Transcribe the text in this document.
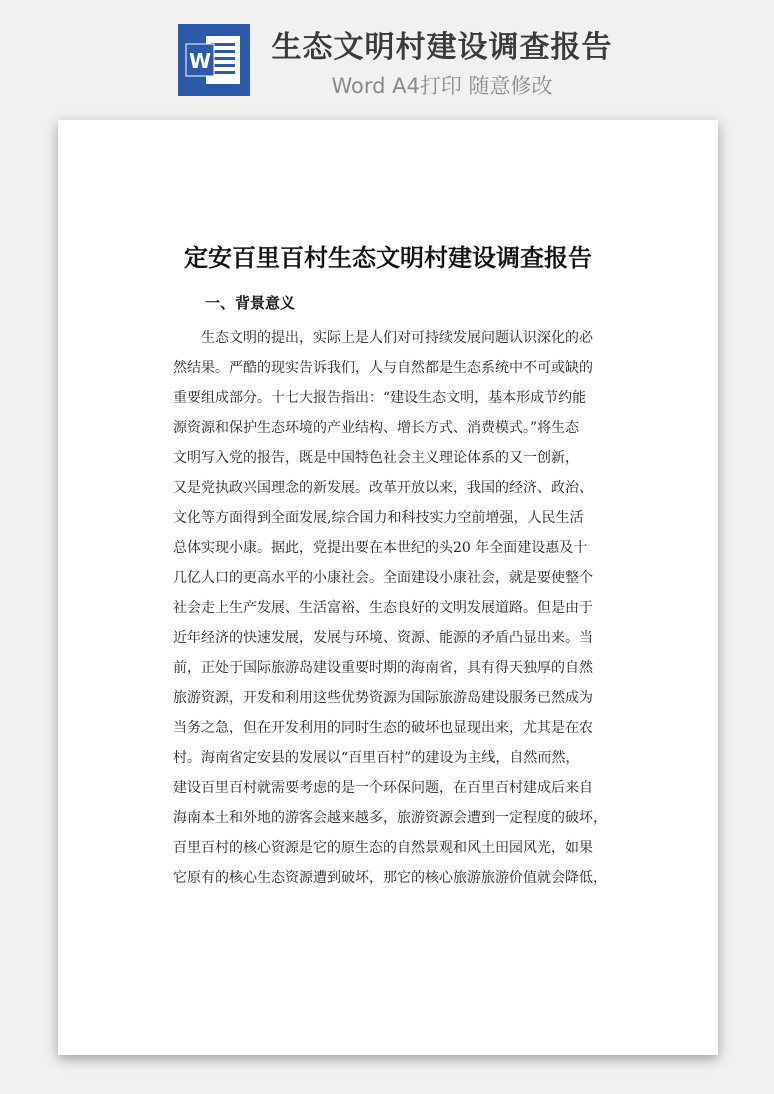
W	生态文明村建设调查报告
Word A4打印 随意修改
定安百里百村生态文明村建设调查报告
一、背景意义
生态文明的提出，实际上是人们对可持续发展问题认识深化的必
然结果。严酷的现实告诉我们，人与自然都是生态系统中不可或缺的
重要组成部分。十七大报告指出：“建设生态文明，基本形成节约能
源资源和保护生态环境的产业结构、增长方式、消费模式。”将生态
文明写入党的报告，既是中国特色社会主义理论体系的又一创新，
又是党执政兴国理念的新发展。改革开放以来，我国的经济、政治、
文化等方面得到全面发展,综合国力和科技实力空前增强，人民生活
总体实现小康。据此，党提出要在本世纪的头20 年全面建设惠及十
几亿人口的更高水平的小康社会。全面建设小康社会，就是要使整个
社会走上生产发展、生活富裕、生态良好的文明发展道路。但是由于
近年经济的快速发展，发展与环境、资源、能源的矛盾凸显出来。当
前，正处于国际旅游岛建设重要时期的海南省，具有得天独厚的自然
旅游资源，开发和利用这些优势资源为国际旅游岛建设服务已然成为
当务之急，但在开发利用的同时生态的破坏也显现出来，尤其是在农
村。海南省定安县的发展以“百里百村”的建设为主线，自然而然，
建设百里百村就需要考虑的是一个环保问题，在百里百村建成后来自
海南本土和外地的游客会越来越多，旅游资源会遭到一定程度的破坏，
百里百村的核心资源是它的原生态的自然景观和风土田园风光，如果
它原有的核心生态资源遭到破坏，那它的核心旅游旅游价值就会降低，
